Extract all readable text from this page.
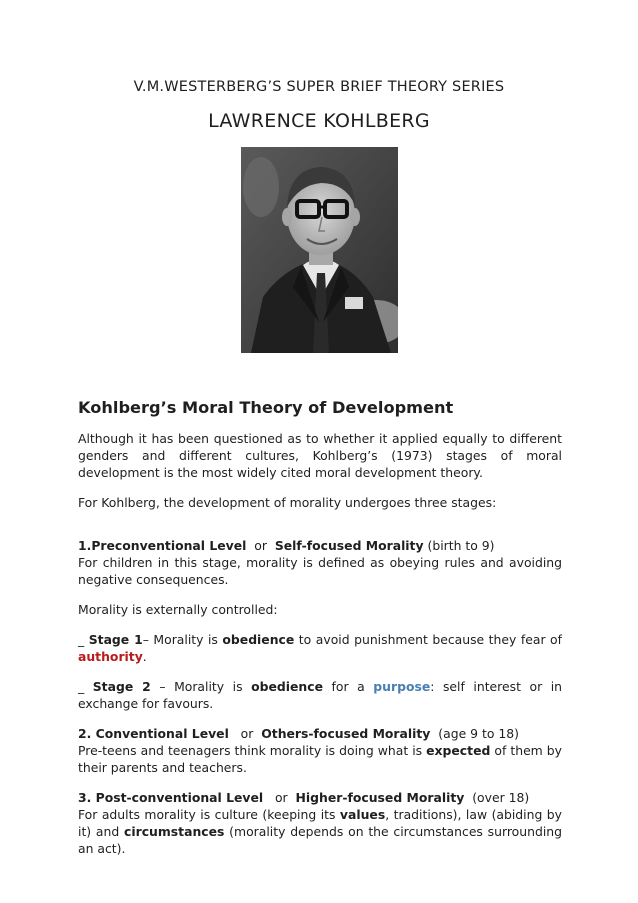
V.M.WESTERBERG’S SUPER BRIEF THEORY SERIES
LAWRENCE KOHLBERG
Kohlberg’s Moral Theory of Development
Although it has been questioned as to whether it applied equally to different genders and different cultures, Kohlberg’s (1973) stages of moral development is the most widely cited moral development theory.
For Kohlberg, the development of morality undergoes three stages:
1.Preconventional Level or Self-focused Morality (birth to 9)
For children in this stage, morality is defined as obeying rules and avoiding negative consequences.
Morality is externally controlled:
_ Stage 1– Morality is obedience to avoid punishment because they fear of authority.
_ Stage 2 – Morality is obedience for a purpose: self interest or in exchange for favours.
2. Conventional Level or Others-focused Morality (age 9 to 18)
Pre-teens and teenagers think morality is doing what is expected of them by their parents and teachers.
3. Post-conventional Level or Higher-focused Morality (over 18)
For adults morality is culture (keeping its values, traditions), law (abiding by it) and circumstances (morality depends on the circumstances surrounding an act).
